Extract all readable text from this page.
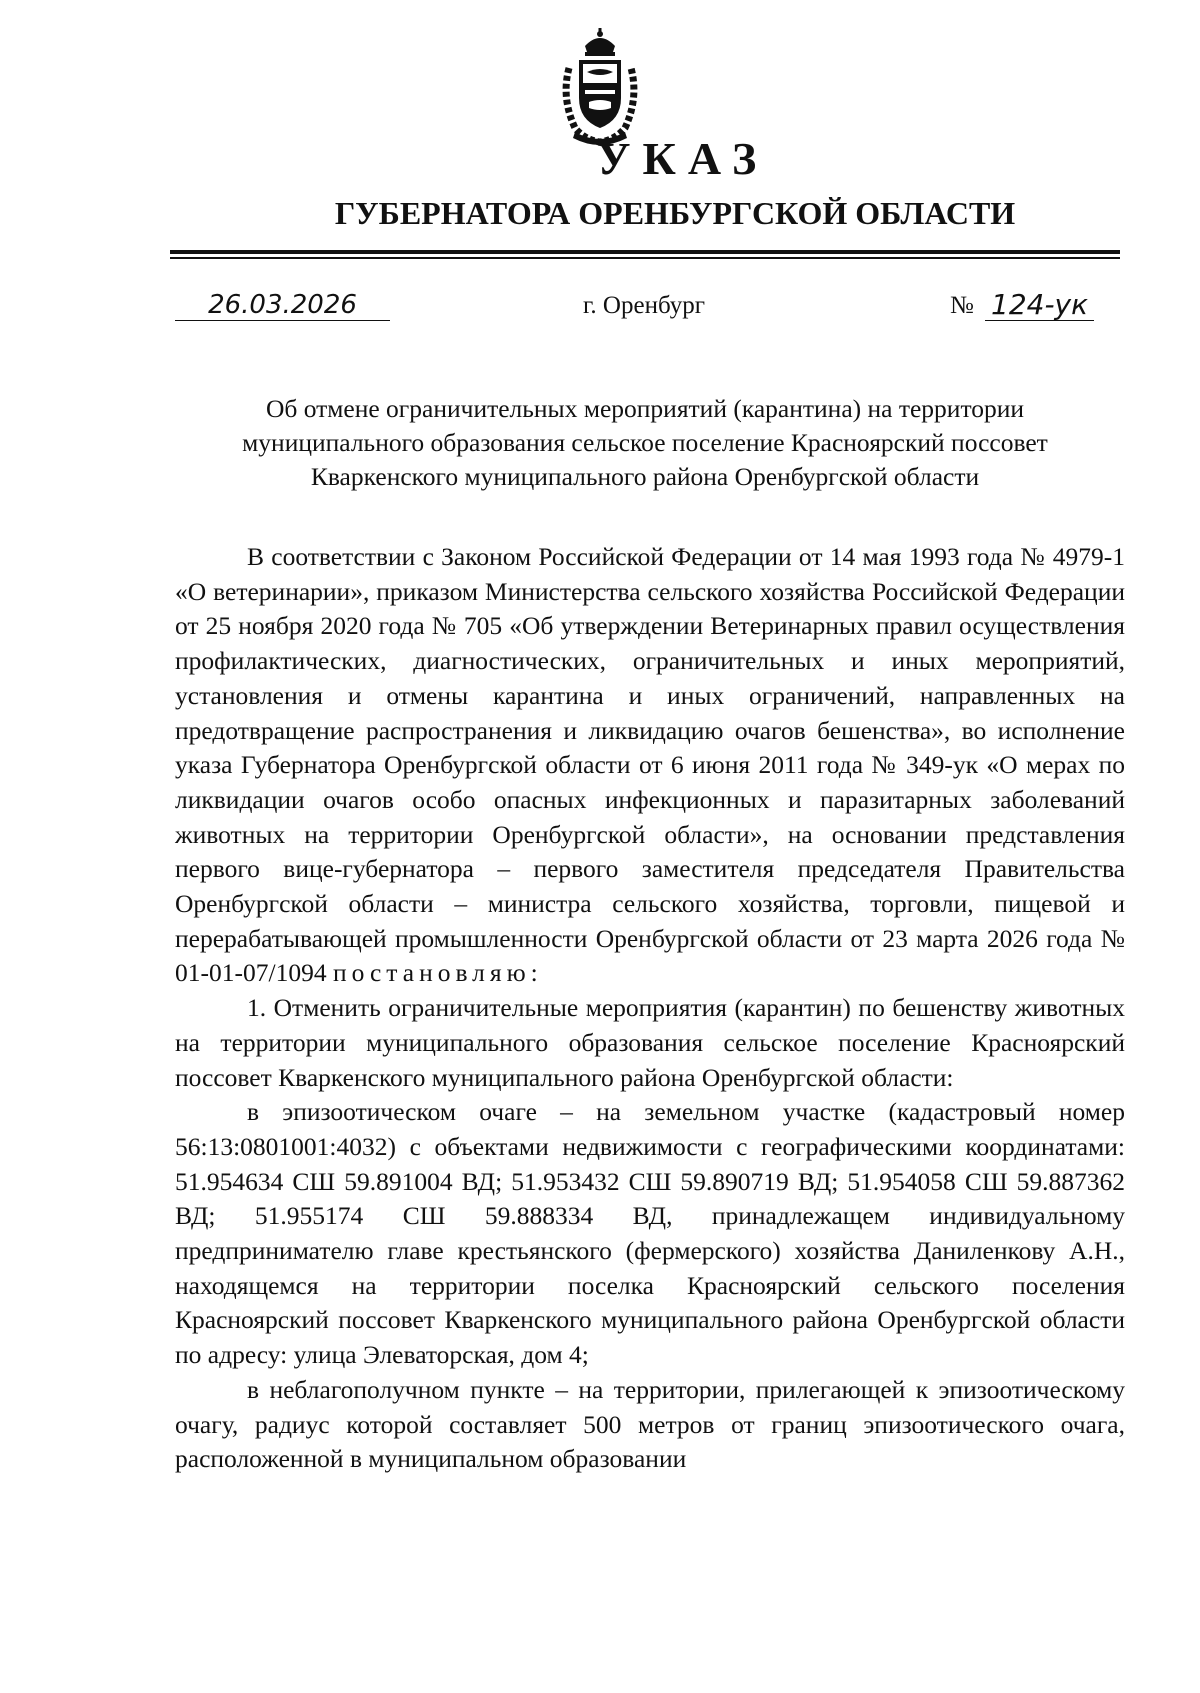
УКАЗ
ГУБЕРНАТОРА ОРЕНБУРГСКОЙ ОБЛАСТИ
26.03.2026	г. Оренбург	№ 124-ук
Об отмене ограничительных мероприятий (карантина) на территории
муниципального образования сельское поселение Красноярский поссовет
Кваркенского муниципального района Оренбургской области

В соответствии с Законом Российской Федерации от 14 мая 1993 года № 4979-1 «О ветеринарии», приказом Министерства сельского хозяйства Российской Федерации от 25 ноября 2020 года № 705 «Об утверждении Ветеринарных правил осуществления профилактических, диагностических, ограничительных и иных мероприятий, установления и отмены карантина и иных ограничений, направленных на предотвращение распространения и ликвидацию очагов бешенства», во исполнение указа Губернатора Оренбургской области от 6 июня 2011 года № 349-ук «О мерах по ликвидации очагов особо опасных инфекционных и паразитарных заболеваний животных на территории Оренбургской области», на основании представления первого вице-губернатора – первого заместителя председателя Правительства Оренбургской области – министра сельского хозяйства, торговли, пищевой и перерабатывающей промышленности Оренбургской области от 23 марта 2026 года № 01-01-07/1094 постановляю:

1. Отменить ограничительные мероприятия (карантин) по бешенству животных на территории муниципального образования сельское поселение Красноярский поссовет Кваркенского муниципального района Оренбургской области:

в эпизоотическом очаге – на земельном участке (кадастровый номер 56:13:0801001:4032) с объектами недвижимости с географическими координатами: 51.954634 СШ 59.891004 ВД; 51.953432 СШ 59.890719 ВД; 51.954058 СШ 59.887362 ВД; 51.955174 СШ 59.888334 ВД, принадлежащем индивидуальному предпринимателю главе крестьянского (фермерского) хозяйства Даниленкову А.Н., находящемся на территории поселка Красноярский сельского поселения Красноярский поссовет Кваркенского муниципального района Оренбургской области по адресу: улица Элеваторская, дом 4;

в неблагополучном пункте – на территории, прилегающей к эпизоотическому очагу, радиус которой составляет 500 метров от границ эпизоотического очага, расположенной в муниципальном образовании
